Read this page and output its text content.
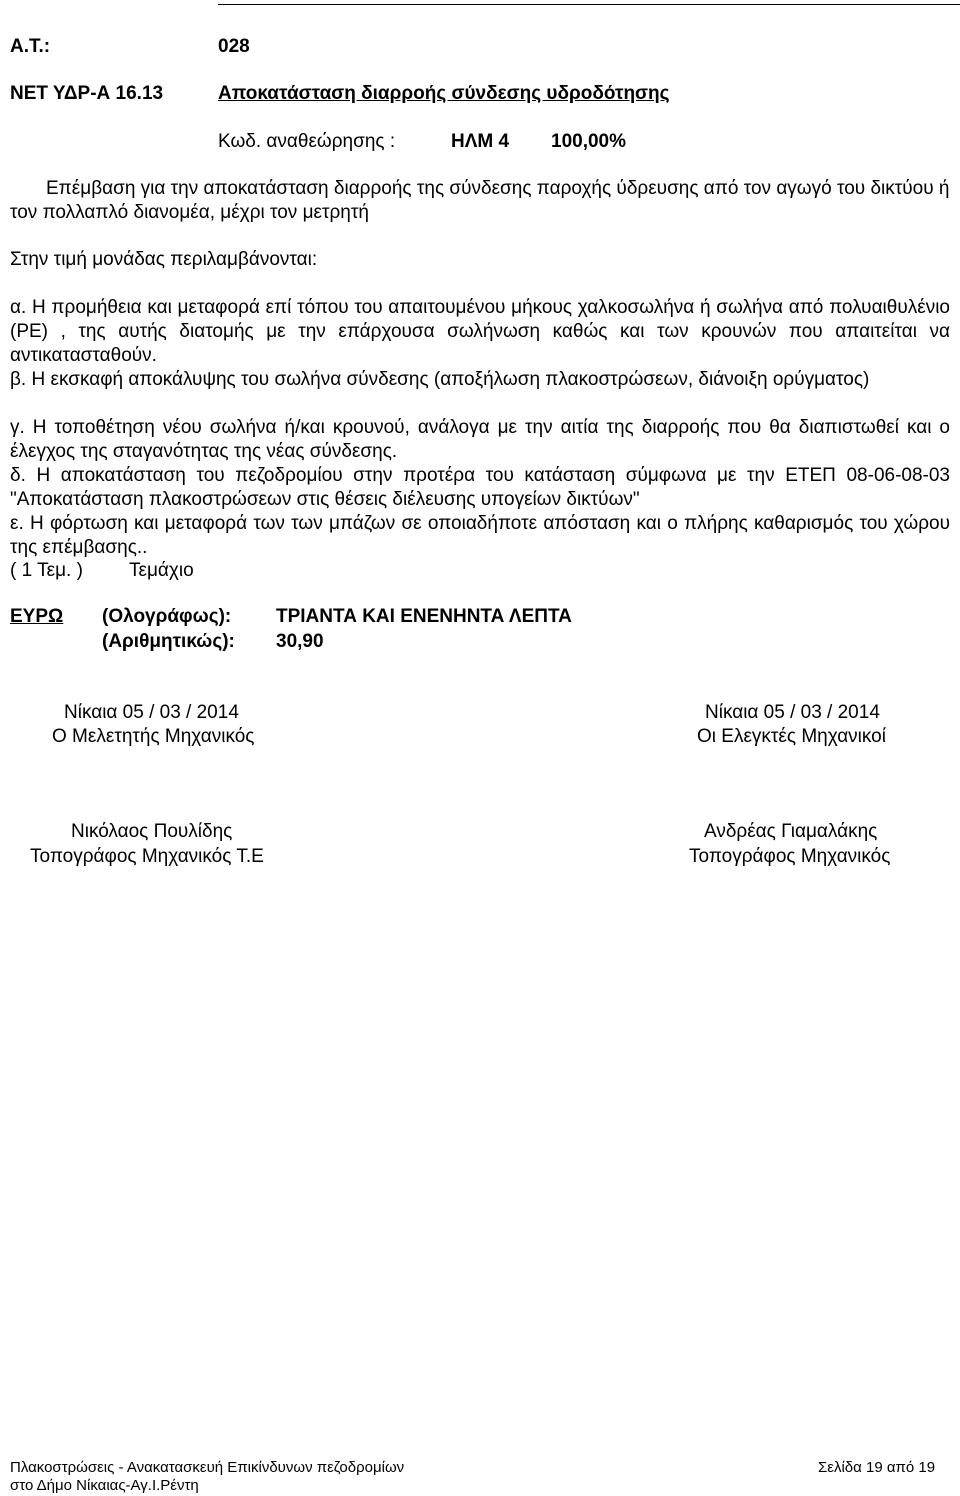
Α.Τ.:	028
ΝΕΤ ΥΔΡ-Α 16.13	Αποκατάσταση διαρροής σύνδεσης υδροδότησης
Κωδ. αναθεώρησης :	ΗΛΜ 4 100,00%
Επέμβαση για την αποκατάσταση διαρροής της σύνδεσης παροχής ύδρευσης από τον αγωγό του δικτύου ή τον πολλαπλό διανομέα, μέχρι τον μετρητή
Στην τιμή μονάδας περιλαμβάνονται:
α. Η προμήθεια και μεταφορά επί τόπου του απαιτουμένου μήκους χαλκοσωλήνα ή σωλήνα από πολυαιθυλένιο (PE) , της αυτής διατομής με την επάρχουσα σωλήνωση καθώς και των κρουνών που απαιτείται να αντικατασταθούν.
β. Η εκσκαφή αποκάλυψης του σωλήνα σύνδεσης (αποξήλωση πλακοστρώσεων, διάνοιξη ορύγματος)
γ. Η τοποθέτηση νέου σωλήνα ή/και κρουνού, ανάλογα με την αιτία της διαρροής που θα διαπιστωθεί και ο έλεγχος της σταγανότητας της νέας σύνδεσης.
δ. Η αποκατάσταση του πεζοδρομίου στην προτέρα του κατάσταση σύμφωνα με την ΕΤΕΠ 08-06-08-03 "Αποκατάσταση πλακοστρώσεων στις θέσεις διέλευσης υπογείων δικτύων"
ε. Η φόρτωση και μεταφορά των των μπάζων σε οποιαδήποτε απόσταση και ο πλήρης καθαρισμός του χώρου της επέμβασης..
( 1 Τεμ. ) Τεμάχιο
ΕΥΡΩ (Ολογράφως): ΤΡΙΑΝΤΑ ΚΑΙ ΕΝΕΝΗΝΤΑ ΛΕΠΤΑ
(Αριθμητικώς): 30,90
Νίκαια 05 / 03 / 2014
Ο Μελετητής Μηχανικός
Νικόλαος Πουλίδης
Τοπογράφος Μηχανικός Τ.Ε
Νίκαια 05 / 03 / 2014
Οι Ελεγκτές Μηχανικοί
Ανδρέας Γιαμαλάκης
Τοπογράφος Μηχανικός
Πλακοστρώσεις - Ανακατασκευή Επικίνδυνων πεζοδρομίων
στο Δήμο Νίκαιας-Αγ.Ι.Ρέντη
Σελίδα 19 από 19
